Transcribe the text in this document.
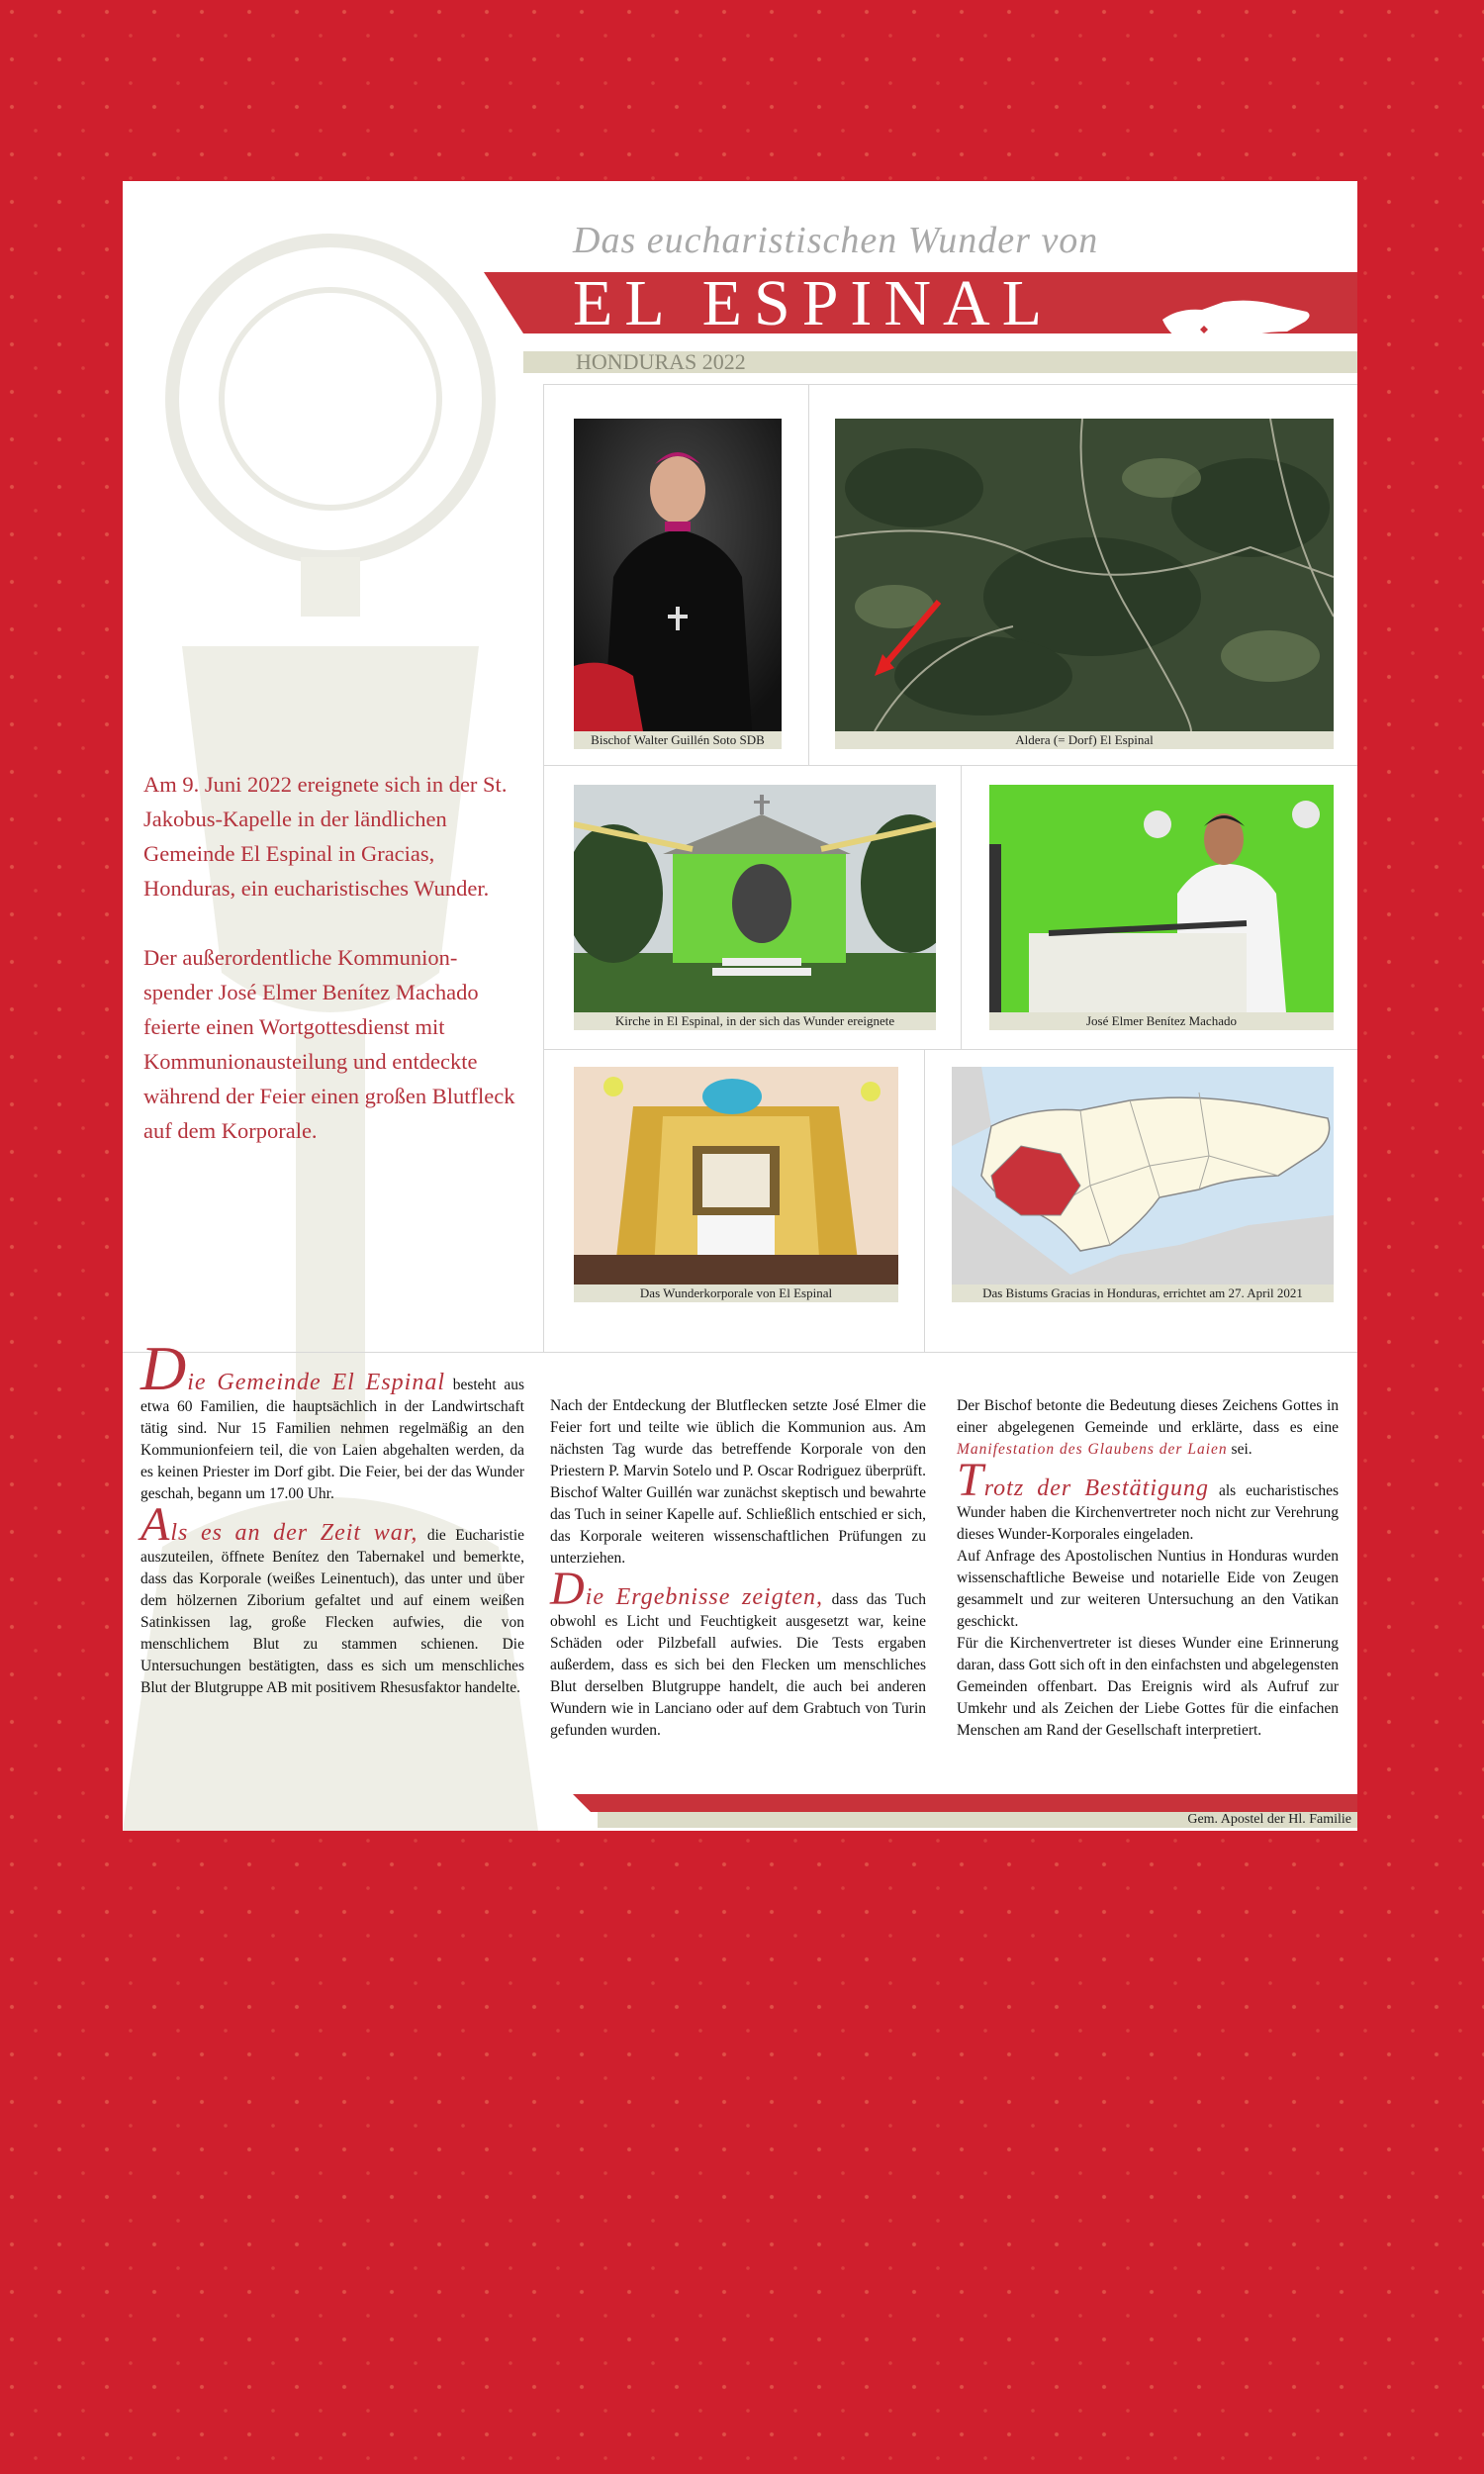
Das eucharistischen Wunder von
EL ESPINAL
HONDURAS 2022
Bischof Walter Guillén Soto SDB	Aldera (= Dorf) El Espinal
Kirche in El Espinal, in der sich das Wunder ereignete	José Elmer Benítez Machado
Das Wunderkorporale von El Espinal	Das Bistums Gracias in Honduras, errichtet am 27. April 2021

Am 9. Juni 2022 ereignete sich in der St. Jakobus-Kapelle in der ländlichen Gemeinde El Espinal in Gracias, Honduras, ein eucharistisches Wunder.

Der außerordentliche Kommunion-spender José Elmer Benítez Machado feierte einen Wortgottesdienst mit Kommunionausteilung und entdeckte während der Feier einen großen Blutfleck auf dem Korporale.

Die Gemeinde El Espinal besteht aus etwa 60 Familien, die hauptsächlich in der Landwirtschaft tätig sind. Nur 15 Familien nehmen regelmäßig an den Kommunionfeiern teil, die von Laien abgehalten werden, da es keinen Priester im Dorf gibt. Die Feier, bei der das Wunder geschah, begann um 17.00 Uhr.

Als es an der Zeit war, die Eucharistie auszuteilen, öffnete Benítez den Tabernakel und bemerkte, dass das Korporale (weißes Leinentuch), das unter und über dem hölzernen Ziborium gefaltet und auf einem weißen Satinkissen lag, große Flecken aufwies, die von menschlichem Blut zu stammen schienen. Die Untersuchungen bestätigten, dass es sich um menschliches Blut der Blutgruppe AB mit positivem Rhesusfaktor handelte.

Nach der Entdeckung der Blutflecken setzte José Elmer die Feier fort und teilte wie üblich die Kommunion aus. Am nächsten Tag wurde das betreffende Korporale von den Priestern P. Marvin Sotelo und P. Oscar Rodriguez überprüft. Bischof Walter Guillén war zunächst skeptisch und bewahrte das Tuch in seiner Kapelle auf. Schließlich entschied er sich, das Korporale weiteren wissenschaftlichen Prüfungen zu unterziehen.

Die Ergebnisse zeigten, dass das Tuch obwohl es Licht und Feuchtigkeit ausgesetzt war, keine Schäden oder Pilzbefall aufwies. Die Tests ergaben außerdem, dass es sich bei den Flecken um menschliches Blut derselben Blutgruppe handelt, die auch bei anderen Wundern wie in Lanciano oder auf dem Grabtuch von Turin gefunden wurden.

Der Bischof betonte die Bedeutung dieses Zeichens Gottes in einer abgelegenen Gemeinde und erklärte, dass es eine Manifestation des Glaubens der Laien sei.

Trotz der Bestätigung als eucharistisches Wunder haben die Kirchenvertreter noch nicht zur Verehrung dieses Wunder-Korporales eingeladen.

Auf Anfrage des Apostolischen Nuntius in Honduras wurden wissenschaftliche Beweise und notarielle Eide von Zeugen gesammelt und zur weiteren Untersuchung an den Vatikan geschickt.

Für die Kirchenvertreter ist dieses Wunder eine Erinnerung daran, dass Gott sich oft in den einfachsten und abgelegensten Gemeinden offenbart. Das Ereignis wird als Aufruf zur Umkehr und als Zeichen der Liebe Gottes für die einfachen Menschen am Rand der Gesellschaft interpretiert.

Gem. Apostel der Hl. Familie
